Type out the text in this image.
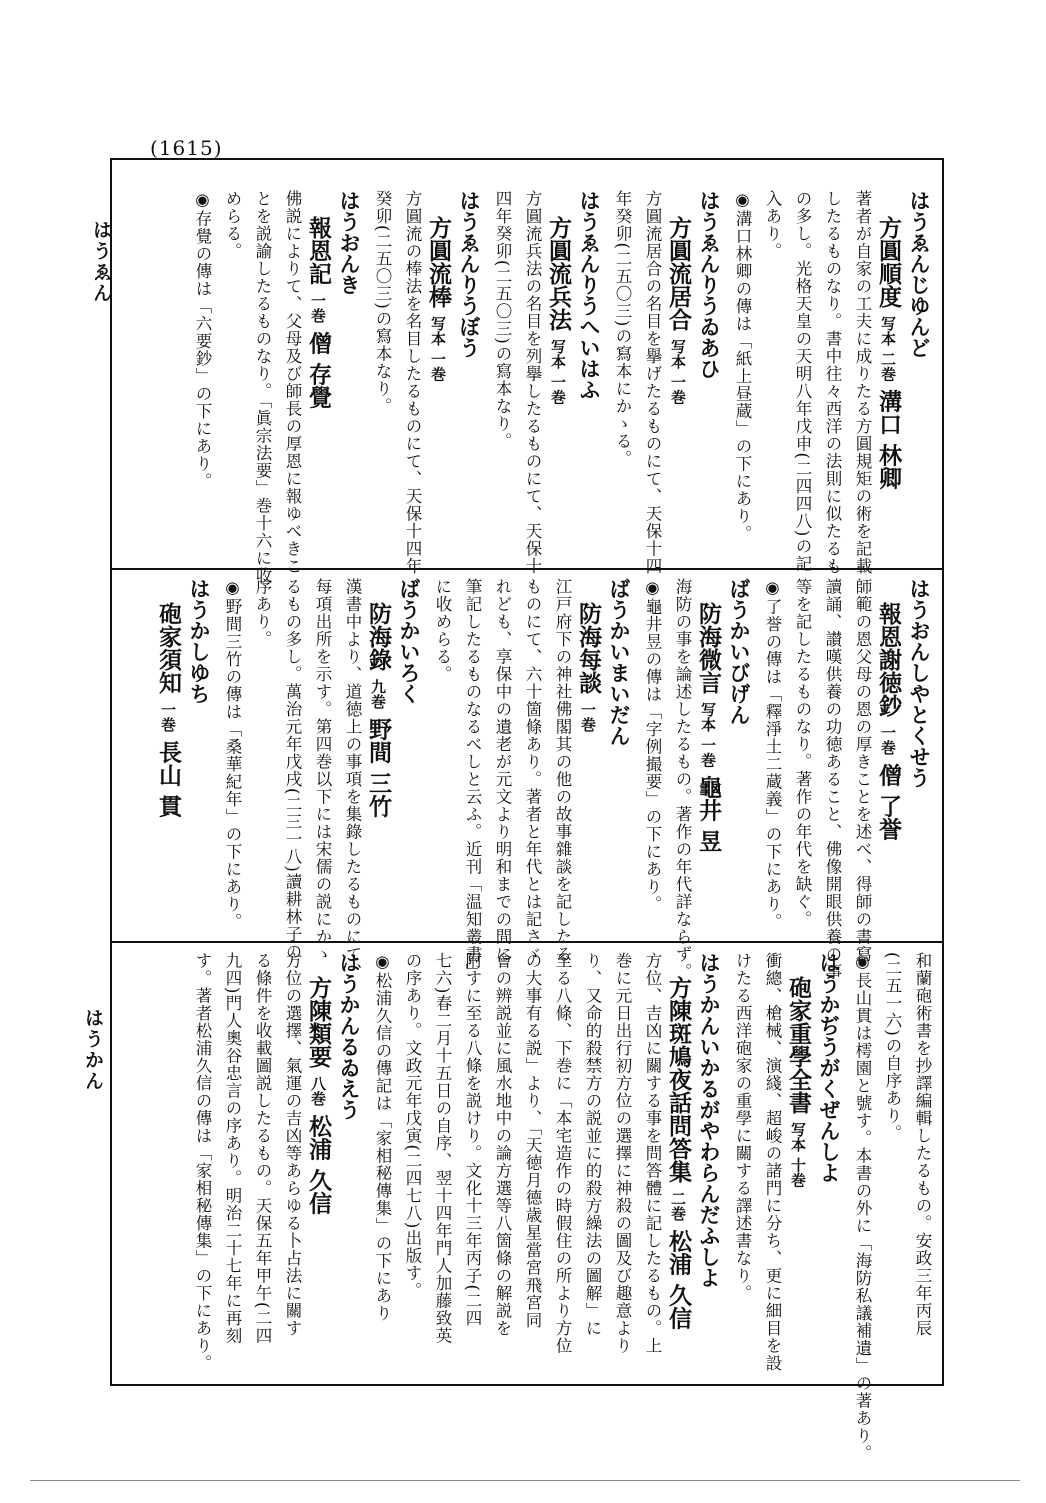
(1615)
はうゑん
はうかん
はうゑんじゆんど
方圓順度 写本 二巻 溝口 林卿
著者が自家の工夫に成りたる方圓規矩の術を記載
したるものなり。書中往々西洋の法則に似たるも
の多し。光格天皇の天明八年戊申(二四四八)の記
入あり。
◉溝口林卿の傳は「紙上昼蔵」の下にあり。
はうゑんりうゐあひ
方圓流居合 写本 一巻
方圓流居合の名目を擧げたるものにて、天保十四
年癸卯(二五〇三)の寫本にかゝる。
はうゑんりうへいはふ
方圓流兵法 写本 一巻
方圓流兵法の名目を列擧したるものにて、天保十
四年癸卯(二五〇三)の寫本なり。
はうゑんりうぼう
方圓流棒 写本 一巻
方圓流の棒法を名目したるものにて、天保十四年
癸卯(二五〇三)の寫本なり。
はうおんき
報恩記 一巻 僧 存覺
佛説によりて、父母及び師長の厚恩に報ゆべきこ
とを説諭したるものなり。「眞宗法要」巻十六に收
めらる。
◉存覺の傳は「六要鈔」の下にあり。
はうおんしやとくせう
報恩謝徳鈔 一巻 僧 了誉
師範の恩父母の恩の厚きことを述べ、得師の書寫
讀誦、讃嘆供養の功徳あること、佛像開眼供養の事
等を記したるものなり。著作の年代を缺ぐ。
◉了誉の傳は「釋淨土二蔵義」の下にあり。
ばうかいびげん
防海微言 写本 一巻 龜井 昱
海防の事を論述したるもの。著作の年代詳ならず。
◉龜井昱の傳は「字例撮要」の下にあり。
ばうかいまいだん
防海每談 一巻
江戸府下の神社佛閣其の他の故事雜談を記したる
ものにて、六十箇條あり。著者と年代とは記さゞ
れども、享保中の遺老が元文より明和までの間に
筆記したるものなるべしと云ふ。近刊「温知叢書」
に收めらる。
ばうかいろく
防海錄 九巻 野間 三竹
漢書中より、道徳上の事項を集錄したるものにて、
每項出所を示す。第四巻以下には宋儒の説にかゝ
るもの多し。萬治元年戊戌(二三一八)讀耕林子の
序あり。
◉野間三竹の傳は「桑華紀年」の下にあり。
はうかしゆち
砲家須知 一巻 長山 貫
和蘭砲術書を抄譯編輯したるもの。安政三年丙辰
(二五一六)の自序あり。
◉長山貫は樗園と號す。本書の外に「海防私議補遺」の著あり。
はうかぢうがくぜんしよ
砲家重學全書 写本 十巻
衝總、槍械、演綫、超峻の諸門に分ち、更に細目を設
けたる西洋砲家の重學に關する譯述書なり。
はうかんいかるがやわらんだふしよ
方陳斑鳩夜話問答集 二巻 松浦 久信
方位、吉凶に關する事を問答體に記したるもの。上
巻に元日出行初方位の選擇に神殺の圖及び趣意より
り、又命的殺禁方の説並に的殺方繰法の圖解」に
至る八條、下巻に「本宅造作の時假住の所より方位
の大事有る説」より、「天徳月德歳星當宮飛宮同
會の辨説並に風水地中の論方選等八箇條の解説を
附すに至る八條を説けり。文化十三年丙子(二四
七六)春二月十五日の自序、翌十四年門人加藤致英
の序あり。文政元年戊寅(二四七八)出版す。
◉松浦久信の傳記は「家相秘傳集」の下にあり
はうかんるゐえう
方陳類要 八巻 松浦 久信
方位の選擇、氣運の吉凶等あらゆる卜占法に關す
る條件を收載圖説したるもの。天保五年甲午(二四
九四)門人奧谷忠言の序あり。明治二十七年に再刻
す。著者松浦久信の傳は「家相秘傳集」の下にあり。
